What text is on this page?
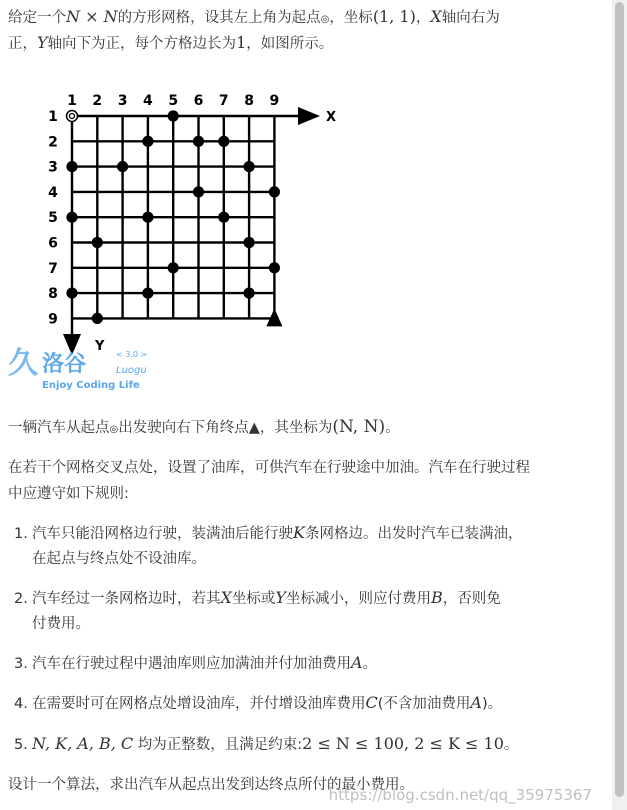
给定一个N × N的方形网格，设其左上角为起点◎，坐标(1, 1)，X轴向右为
正，Y轴向下为正，每个方格边长为1，如图所示。
1 2 3 4 5 6 7 8 9
1
2
3
4
5
6
7
8
9
X
Y
久 洛谷	< 3.0 >
Luogu
Enjoy Coding Life
一辆汽车从起点◎出发驶向右下角终点▲，其坐标为(N, N)。
在若干个网格交叉点处，设置了油库，可供汽车在行驶途中加油。汽车在行驶过程
中应遵守如下规则:
1. 汽车只能沿网格边行驶，装满油后能行驶K条网格边。出发时汽车已装满油，
在起点与终点处不设油库。
2. 汽车经过一条网格边时，若其X坐标或Y坐标减小，则应付费用B，否则免
付费用。
3. 汽车在行驶过程中遇油库则应加满油并付加油费用A。
4. 在需要时可在网格点处增设油库，并付增设油库费用C(不含加油费用A)。
5. N, K, A, B, C 均为正整数，且满足约束:2 ≤ N ≤ 100, 2 ≤ K ≤ 10。
设计一个算法，求出汽车从起点出发到达终点所付的最小费用。
https://blog.csdn.net/qq_35975367
